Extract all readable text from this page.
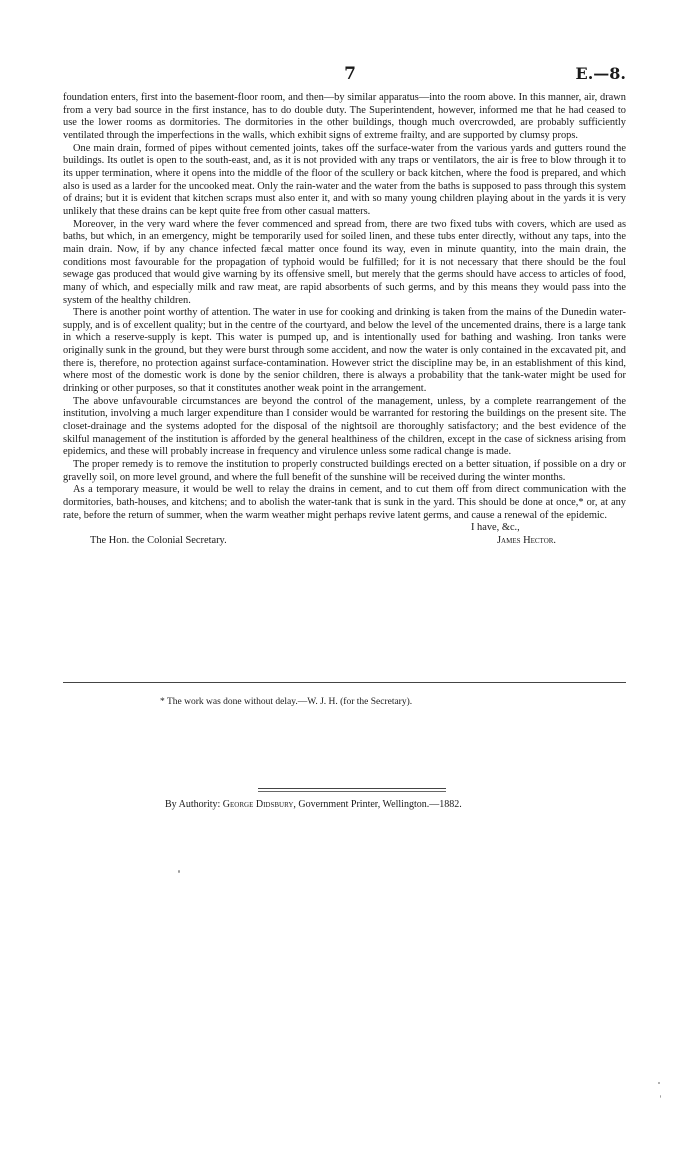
7	E.—8.

foundation enters, first into the basement-floor room, and then—by similar apparatus—into the room above. In this manner, air, drawn from a very bad source in the first instance, has to do double duty. The Superintendent, however, informed me that he had ceased to use the lower rooms as dormitories. The dormitories in the other buildings, though much overcrowded, are probably sufficiently ventilated through the imperfections in the walls, which exhibit signs of extreme frailty, and are supported by clumsy props.

One main drain, formed of pipes without cemented joints, takes off the surface-water from the various yards and gutters round the buildings. Its outlet is open to the south-east, and, as it is not provided with any traps or ventilators, the air is free to blow through it to its upper termination, where it opens into the middle of the floor of the scullery or back kitchen, where the food is prepared, and which also is used as a larder for the uncooked meat. Only the rain-water and the water from the baths is supposed to pass through this system of drains; but it is evident that kitchen scraps must also enter it, and with so many young children playing about in the yards it is very unlikely that these drains can be kept quite free from other casual matters.

Moreover, in the very ward where the fever commenced and spread from, there are two fixed tubs with covers, which are used as baths, but which, in an emergency, might be temporarily used for soiled linen, and these tubs enter directly, without any taps, into the main drain. Now, if by any chance infected fæcal matter once found its way, even in minute quantity, into the main drain, the conditions most favourable for the propagation of typhoid would be fulfilled; for it is not necessary that there should be the foul sewage gas produced that would give warning by its offensive smell, but merely that the germs should have access to articles of food, many of which, and especially milk and raw meat, are rapid absorbents of such germs, and by this means they would pass into the system of the healthy children.

There is another point worthy of attention. The water in use for cooking and drinking is taken from the mains of the Dunedin water-supply, and is of excellent quality; but in the centre of the courtyard, and below the level of the uncemented drains, there is a large tank in which a reserve-supply is kept. This water is pumped up, and is intentionally used for bathing and washing. Iron tanks were originally sunk in the ground, but they were burst through some accident, and now the water is only contained in the excavated pit, and there is, therefore, no protection against surface-contamination. However strict the discipline may be, in an establishment of this kind, where most of the domestic work is done by the senior children, there is always a probability that the tank-water might be used for drinking or other purposes, so that it constitutes another weak point in the arrangement.

The above unfavourable circumstances are beyond the control of the management, unless, by a complete rearrangement of the institution, involving a much larger expenditure than I consider would be warranted for restoring the buildings on the present site. The closet-drainage and the systems adopted for the disposal of the nightsoil are thoroughly satisfactory; and the best evidence of the skilful management of the institution is afforded by the general healthiness of the children, except in the case of sickness arising from epidemics, and these will probably increase in frequency and virulence unless some radical change is made.

The proper remedy is to remove the institution to properly constructed buildings erected on a better situation, if possible on a dry or gravelly soil, on more level ground, and where the full benefit of the sunshine will be received during the winter months.

As a temporary measure, it would be well to relay the drains in cement, and to cut them off from direct communication with the dormitories, bath-houses, and kitchens; and to abolish the water-tank that is sunk in the yard. This should be done at once,* or, at any rate, before the return of summer, when the warm weather might perhaps revive latent germs, and cause a renewal of the epidemic.

I have, &c.,
The Hon. the Colonial Secretary.	James Hector.
* The work was done without delay.—W. J. H. (for the Secretary).
By Authority: George Didsbury, Government Printer, Wellington.—1882.
